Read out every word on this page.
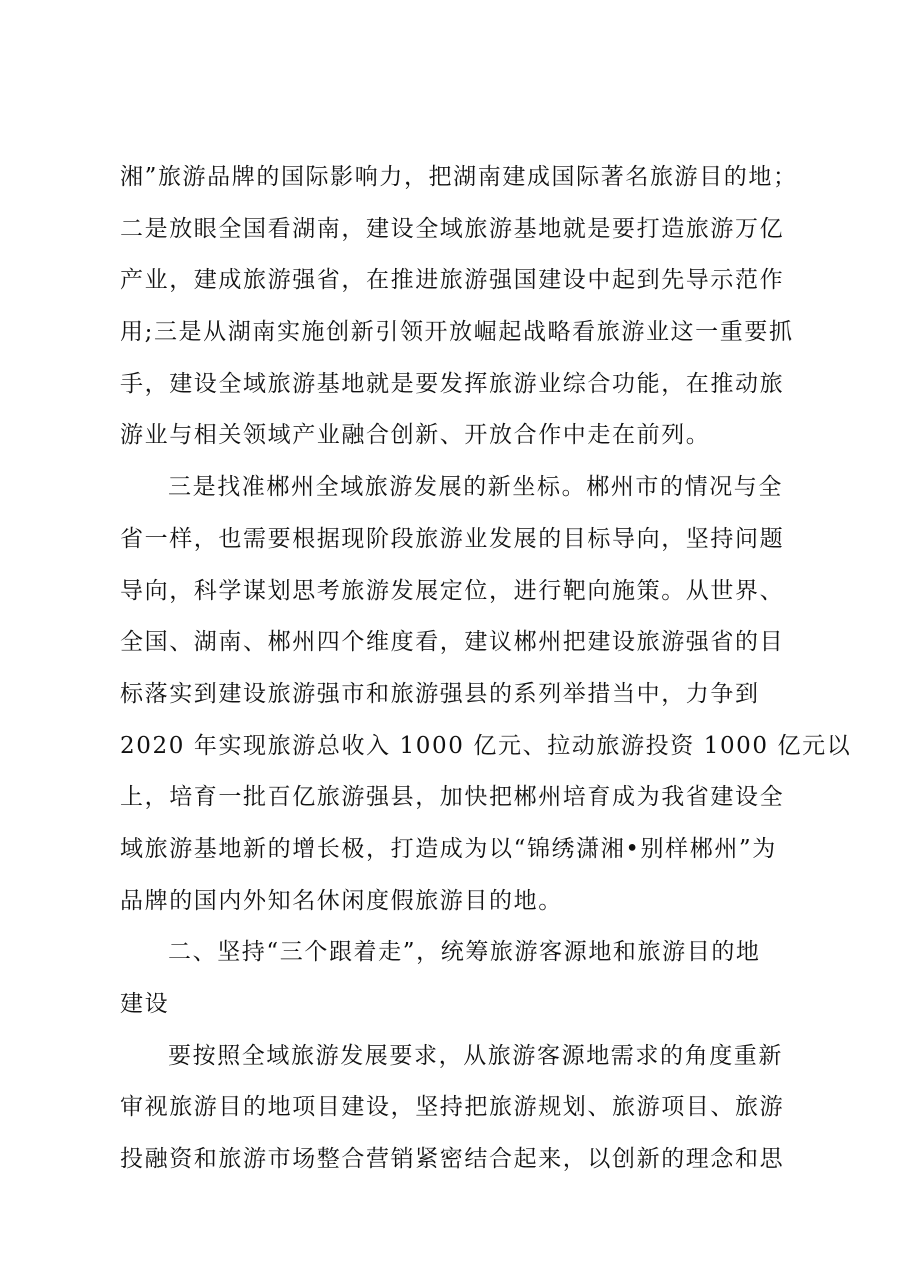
湘”旅游品牌的国际影响力，把湖南建成国际著名旅游目的地；
二是放眼全国看湖南，建设全域旅游基地就是要打造旅游万亿
产业，建成旅游强省，在推进旅游强国建设中起到先导示范作
用;三是从湖南实施创新引领开放崛起战略看旅游业这一重要抓
手，建设全域旅游基地就是要发挥旅游业综合功能，在推动旅
游业与相关领域产业融合创新、开放合作中走在前列。
三是找准郴州全域旅游发展的新坐标。郴州市的情况与全
省一样，也需要根据现阶段旅游业发展的目标导向，坚持问题
导向，科学谋划思考旅游发展定位，进行靶向施策。从世界、
全国、湖南、郴州四个维度看，建议郴州把建设旅游强省的目
标落实到建设旅游强市和旅游强县的系列举措当中，力争到
2020 年实现旅游总收入 1000 亿元、拉动旅游投资 1000 亿元以
上，培育一批百亿旅游强县，加快把郴州培育成为我省建设全
域旅游基地新的增长极，打造成为以“锦绣潇湘•别样郴州”为
品牌的国内外知名休闲度假旅游目的地。
二、坚持“三个跟着走”，统筹旅游客源地和旅游目的地
建设
要按照全域旅游发展要求，从旅游客源地需求的角度重新
审视旅游目的地项目建设，坚持把旅游规划、旅游项目、旅游
投融资和旅游市场整合营销紧密结合起来，以创新的理念和思
